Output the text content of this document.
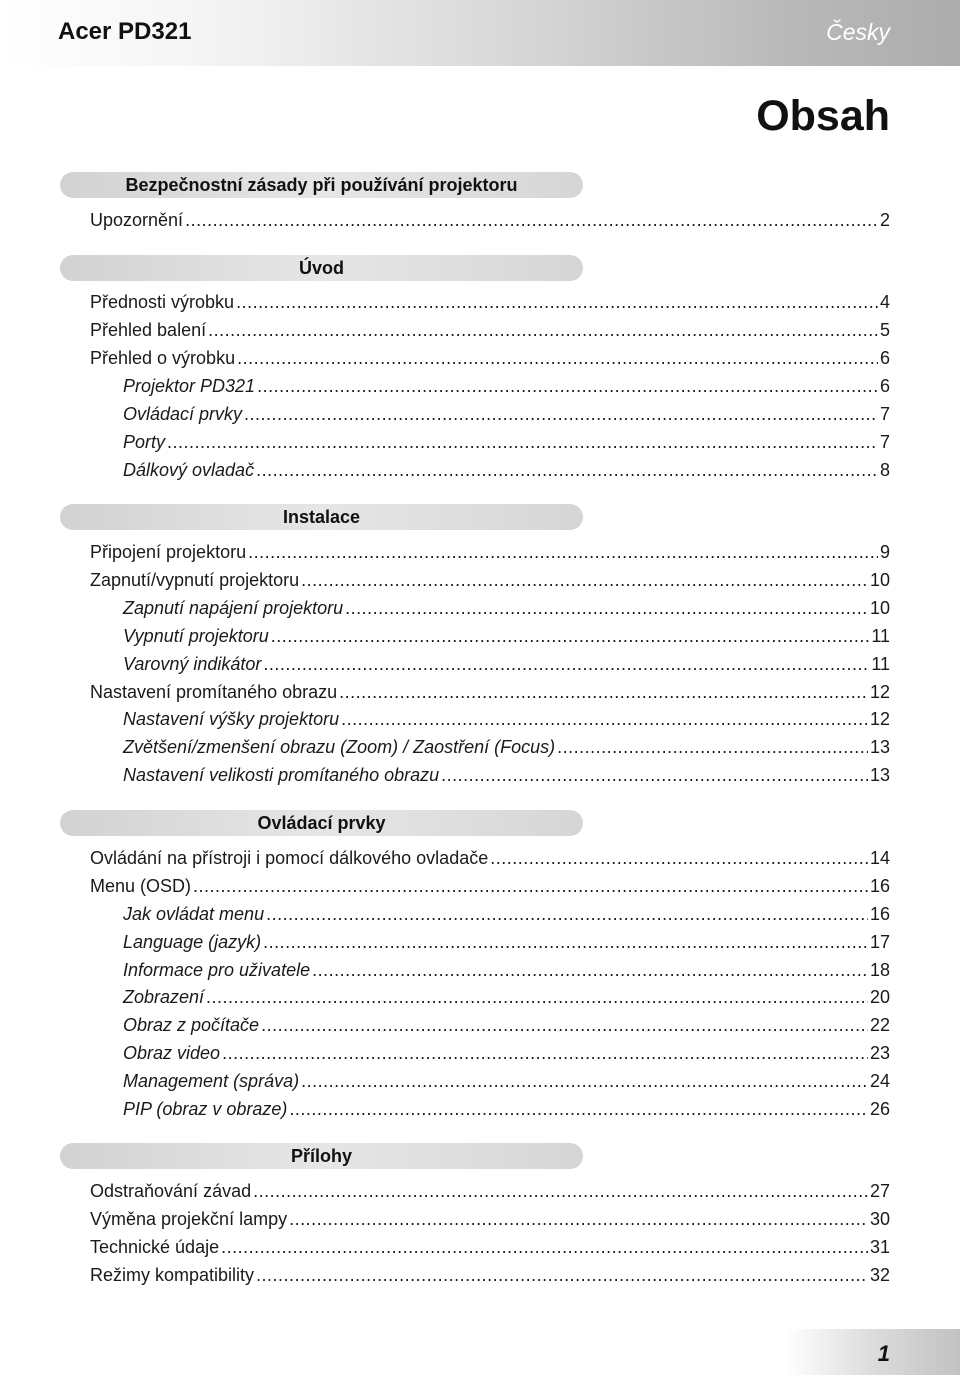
Acer PD321	Česky
Obsah
Bezpečnostní zásady při používání projektoru
Upozornění .....	2
Úvod
Přednosti výrobku .....	4
Přehled balení .....	5
Přehled o výrobku .....	6
Projektor PD321 .....	6
Ovládací prvky .....	7
Porty .....	7
Dálkový ovladač .....	8
Instalace
Připojení projektoru .....	9
Zapnutí/vypnutí projektoru .....	10
Zapnutí napájení projektoru .....	10
Vypnutí projektoru .....	11
Varovný indikátor .....	11
Nastavení promítaného obrazu .....	12
Nastavení výšky projektoru .....	12
Zvětšení/zmenšení obrazu (Zoom) / Zaostření (Focus) .....	13
Nastavení velikosti promítaného obrazu .....	13
Ovládací prvky
Ovládání na přístroji i pomocí dálkového ovladače .....	14
Menu (OSD) .....	16
Jak ovládat menu .....	16
Language (jazyk) .....	17
Informace pro uživatele .....	18
Zobrazení .....	20
Obraz z počítače .....	22
Obraz video .....	23
Management (správa) .....	24
PIP (obraz v obraze) .....	26
Přílohy
Odstraňování závad .....	27
Výměna projekční lampy .....	30
Technické údaje .....	31
Režimy kompatibility .....	32
1
